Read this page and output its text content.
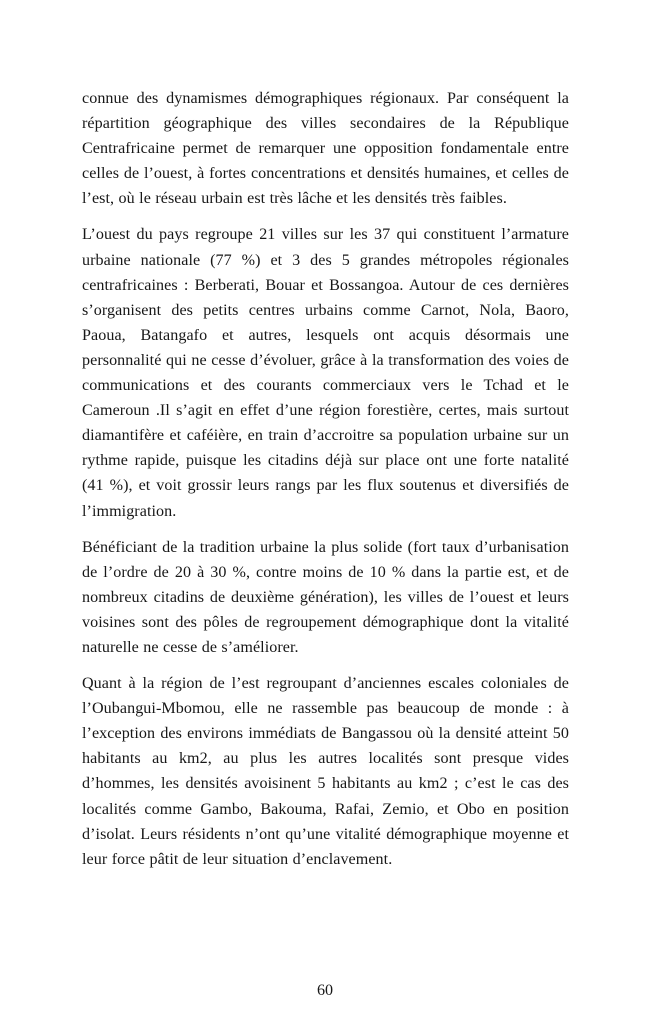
connue des dynamismes démographiques régionaux. Par conséquent la répartition géographique des villes secondaires de la République Centrafricaine permet de remarquer une opposition fondamentale entre celles de l’ouest, à fortes concentrations et densités humaines, et celles de l’est, où le réseau urbain est très lâche et les densités très faibles.

L’ouest du pays regroupe 21 villes sur les 37 qui constituent l’armature urbaine nationale (77 %) et 3 des 5 grandes métropoles régionales centrafricaines : Berberati, Bouar et Bossangoa. Autour de ces dernières s’organisent des petits centres urbains comme Carnot, Nola, Baoro, Paoua, Batangafo et autres, lesquels ont acquis désormais une personnalité qui ne cesse d’évoluer, grâce à la transformation des voies de communications et des courants commerciaux vers le Tchad et le Cameroun .Il s’agit en effet d’une région forestière, certes, mais surtout diamantifère et caféière, en train d’accroitre sa population urbaine sur un rythme rapide, puisque les citadins déjà sur place ont une forte natalité (41 %), et voit grossir leurs rangs par les flux soutenus et diversifiés de l’immigration.

Bénéficiant de la tradition urbaine la plus solide (fort taux d’urbanisation de l’ordre de 20 à 30 %, contre moins de 10 % dans la partie est, et de nombreux citadins de deuxième génération), les villes de l’ouest et leurs voisines sont des pôles de regroupement démographique dont la vitalité naturelle ne cesse de s’améliorer.

Quant à la région de l’est regroupant d’anciennes escales coloniales de l’Oubangui-Mbomou, elle ne rassemble pas beaucoup de monde : à l’exception des environs immédiats de Bangassou où la densité atteint 50 habitants au km2, au plus les autres localités sont presque vides d’hommes, les densités avoisinent 5 habitants au km2 ; c’est le cas des localités comme Gambo, Bakouma, Rafai, Zemio, et Obo en position d’isolat. Leurs résidents n’ont qu’une vitalité démographique moyenne et leur force pâtit de leur situation d’enclavement.

60
